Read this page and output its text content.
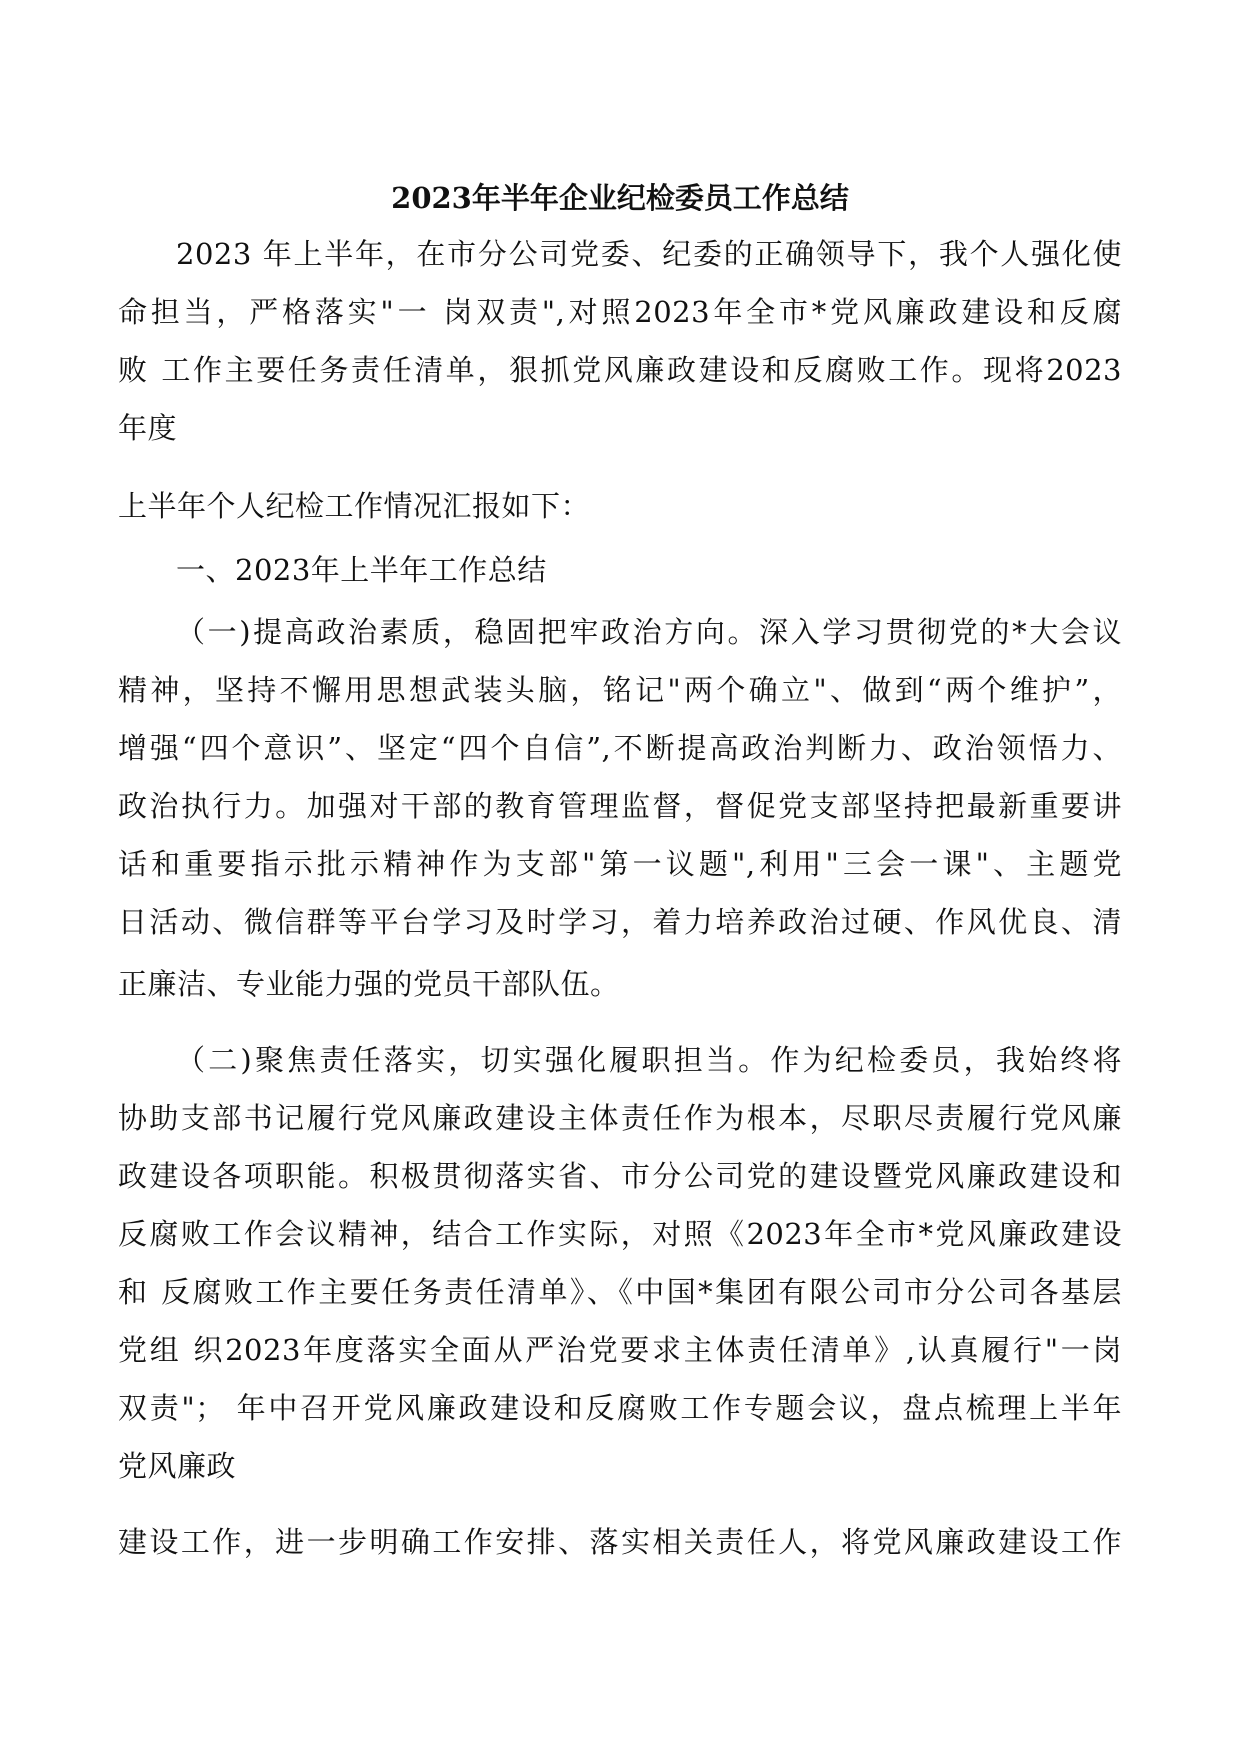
2023年半年企业纪检委员工作总结
2023 年上半年，在市分公司党委、纪委的正确领导下，我个人强化使
命担当，严格落实"一 岗双责",对照2023年全市*党风廉政建设和反腐
败 工作主要任务责任清单，狠抓党风廉政建设和反腐败工作。现将2023
年度
上半年个人纪检工作情况汇报如下：
一、2023年上半年工作总结
（一)提高政治素质，稳固把牢政治方向。深入学习贯彻党的*大会议
精神，坚持不懈用思想武装头脑，铭记"两个确立"、做到“两个维护”，
增强“四个意识”、坚定“四个自信”,不断提高政治判断力、政治领悟力、
政治执行力。加强对干部的教育管理监督，督促党支部坚持把最新重要讲
话和重要指示批示精神作为支部"第一议题",利用"三会一课"、主题党
日活动、微信群等平台学习及时学习，着力培养政治过硬、作风优良、清
正廉洁、专业能力强的党员干部队伍。
（二)聚焦责任落实，切实强化履职担当。作为纪检委员，我始终将
协助支部书记履行党风廉政建设主体责任作为根本，尽职尽责履行党风廉
政建设各项职能。积极贯彻落实省、市分公司党的建设暨党风廉政建设和
反腐败工作会议精神，结合工作实际，对照《2023年全市*党风廉政建设
和 反腐败工作主要任务责任清单》、《中国*集团有限公司市分公司各基层
党组 织2023年度落实全面从严治党要求主体责任清单》,认真履行"一岗
双责"； 年中召开党风廉政建设和反腐败工作专题会议，盘点梳理上半年
党风廉政
建设工作，进一步明确工作安排、落实相关责任人，将党风廉政建设工作
